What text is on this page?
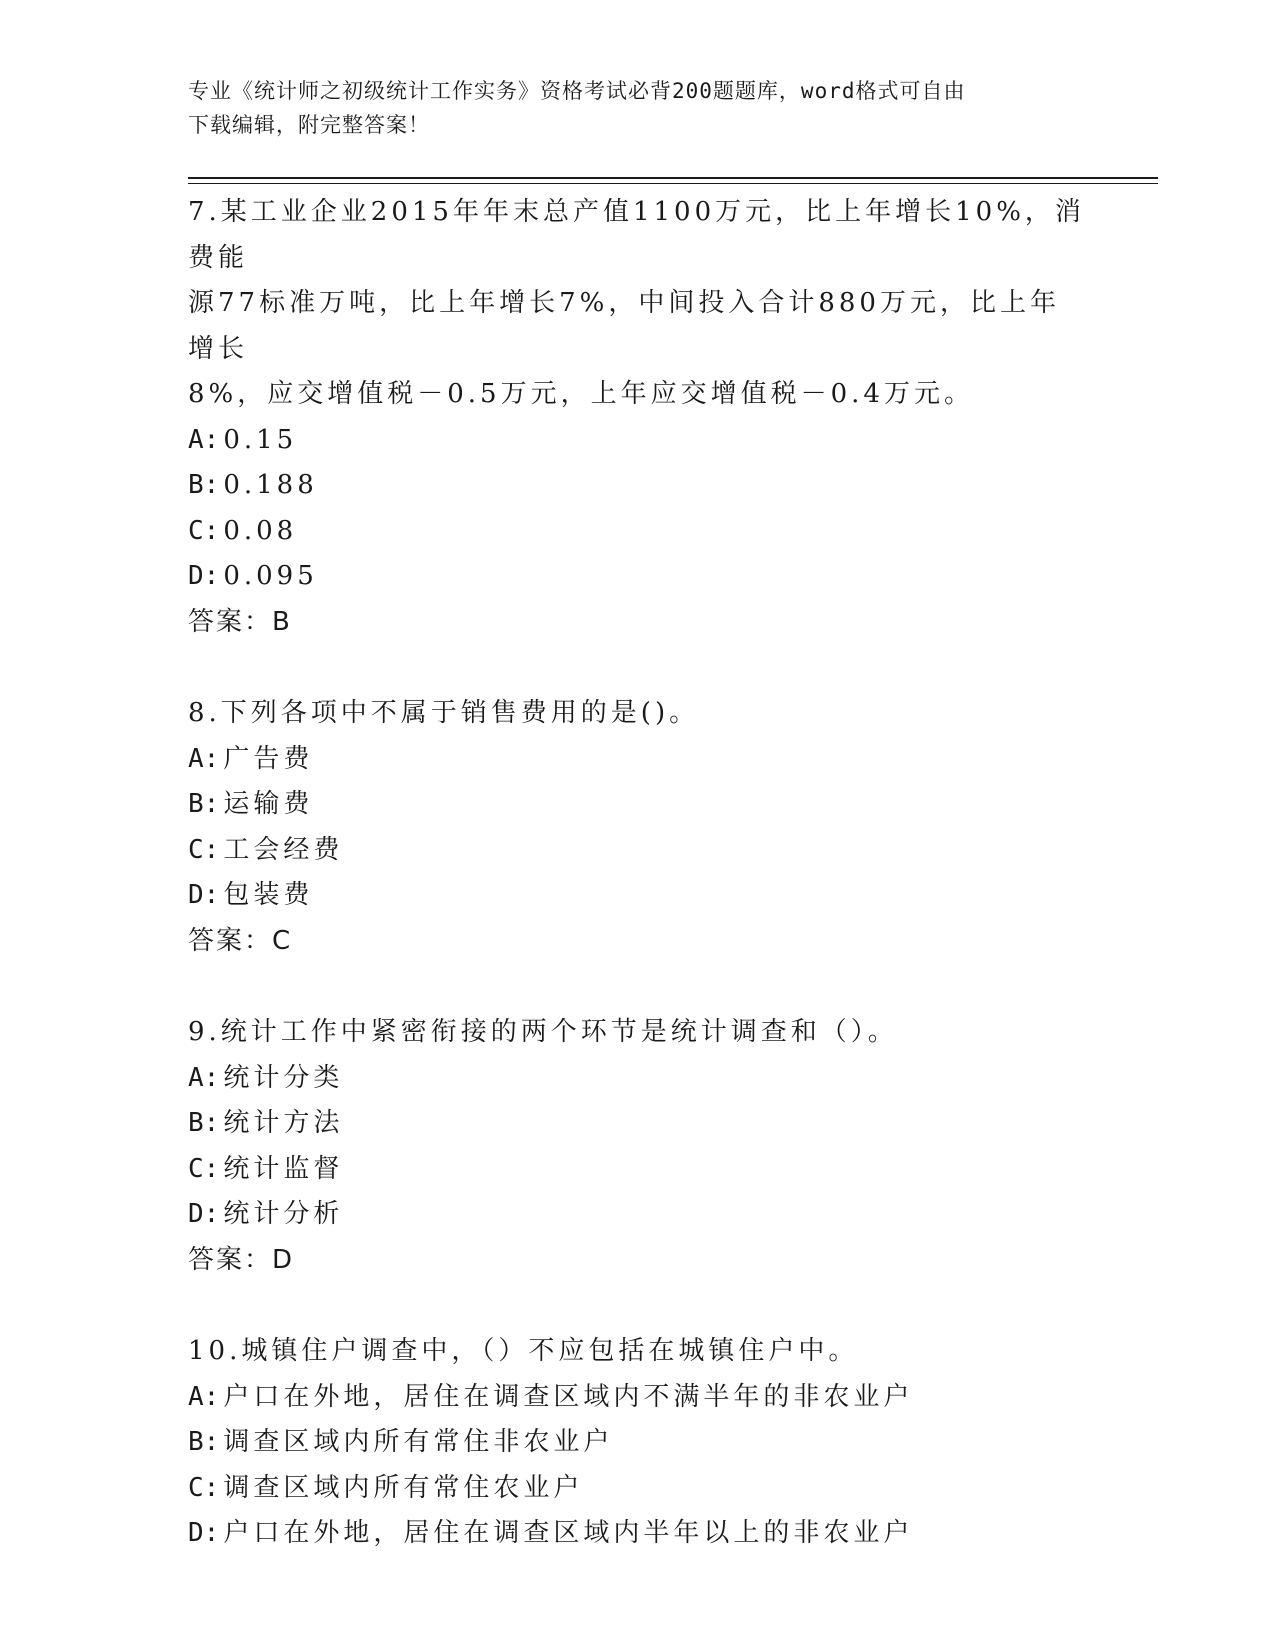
专业《统计师之初级统计工作实务》资格考试必背200题题库，word格式可自由
下载编辑，附完整答案！
7.某工业企业2015年年末总产值1100万元，比上年增长10%，消费能
源77标准万吨，比上年增长7%，中间投入合计880万元，比上年增长
8%，应交增值税－0.5万元，上年应交增值税－0.4万元。
A: 0.15
B: 0.188
C: 0.08
D: 0.095
答案：B
8.下列各项中不属于销售费用的是()。
A: 广告费
B: 运输费
C: 工会经费
D: 包装费
答案：C
9.统计工作中紧密衔接的两个环节是统计调查和（）。
A: 统计分类
B: 统计方法
C: 统计监督
D: 统计分析
答案：D
10.城镇住户调查中，（）不应包括在城镇住户中。
A: 户口在外地，居住在调查区域内不满半年的非农业户
B: 调查区域内所有常住非农业户
C: 调查区域内所有常住农业户
D: 户口在外地，居住在调查区域内半年以上的非农业户
